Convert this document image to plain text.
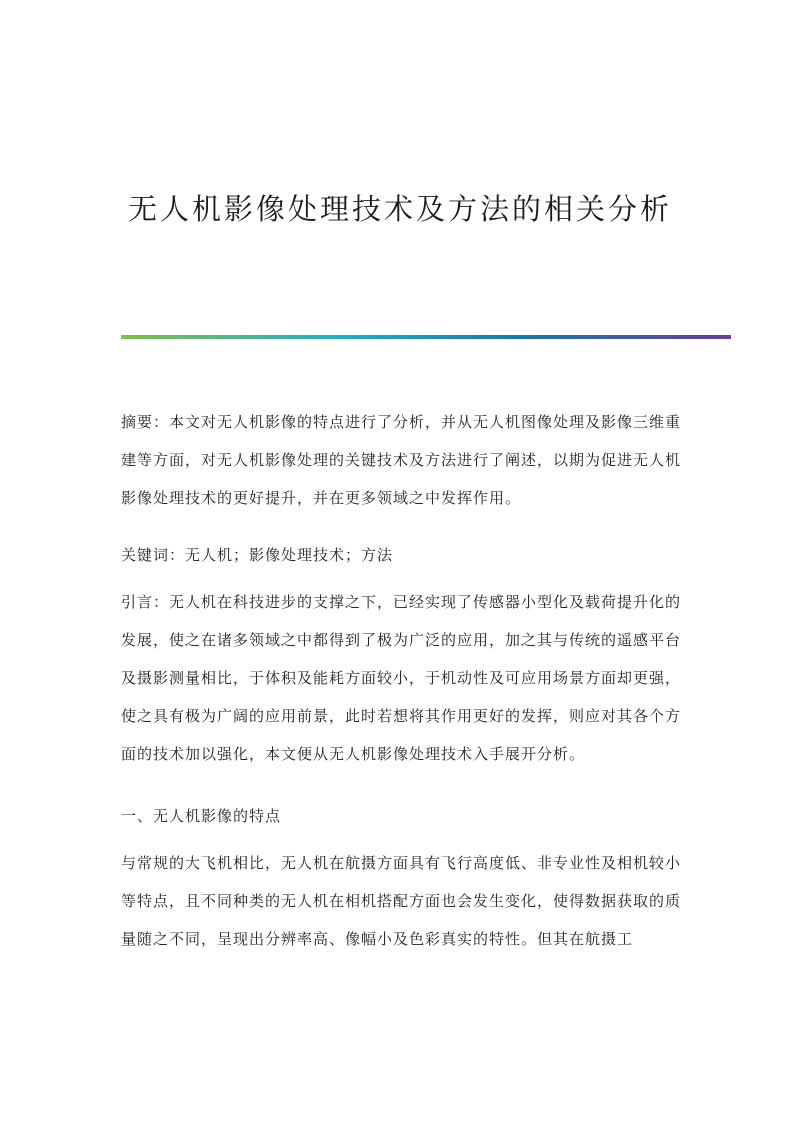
无人机影像处理技术及方法的相关分析

摘要：本文对无人机影像的特点进行了分析，并从无人机图像处理及影像三维重建等方面，对无人机影像处理的关键技术及方法进行了阐述，以期为促进无人机影像处理技术的更好提升，并在更多领域之中发挥作用。

关键词：无人机；影像处理技术；方法

引言：无人机在科技进步的支撑之下，已经实现了传感器小型化及载荷提升化的发展，使之在诸多领域之中都得到了极为广泛的应用，加之其与传统的遥感平台及摄影测量相比，于体积及能耗方面较小，于机动性及可应用场景方面却更强，使之具有极为广阔的应用前景，此时若想将其作用更好的发挥，则应对其各个方面的技术加以强化，本文便从无人机影像处理技术入手展开分析。

一、无人机影像的特点

与常规的大飞机相比，无人机在航摄方面具有飞行高度低、非专业性及相机较小等特点，且不同种类的无人机在相机搭配方面也会发生变化，使得数据获取的质量随之不同，呈现出分辨率高、像幅小及色彩真实的特性。但其在航摄工
